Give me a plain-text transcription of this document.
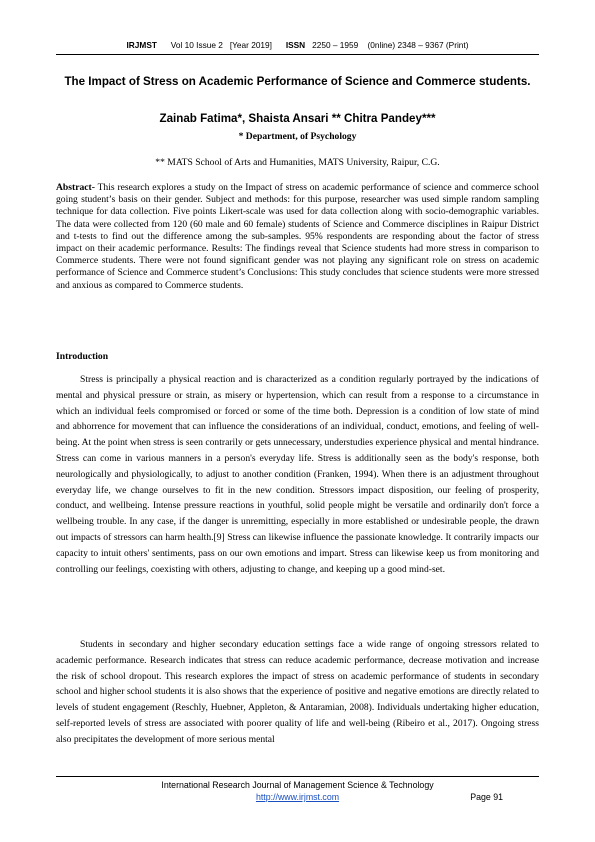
IRJMST Vol 10 Issue 2 [Year 2019] ISSN 2250 – 1959 (0nline) 2348 – 9367 (Print)
The Impact of Stress on Academic Performance of Science and Commerce students.
Zainab Fatima*, Shaista Ansari ** Chitra Pandey***
* Department, of Psychology
** MATS School of Arts and Humanities, MATS University, Raipur, C.G.

Abstract- This research explores a study on the Impact of stress on academic performance of science and commerce school going student’s basis on their gender. Subject and methods: for this purpose, researcher was used simple random sampling technique for data collection. Five points Likert-scale was used for data collection along with socio-demographic variables. The data were collected from 120 (60 male and 60 female) students of Science and Commerce disciplines in Raipur District and t-tests to find out the difference among the sub-samples. 95% respondents are responding about the factor of stress impact on their academic performance. Results: The findings reveal that Science students had more stress in comparison to Commerce students. There were not found significant gender was not playing any significant role on stress on academic performance of Science and Commerce student’s Conclusions: This study concludes that science students were more stressed and anxious as compared to Commerce students.

Introduction

Stress is principally a physical reaction and is characterized as a condition regularly portrayed by the indications of mental and physical pressure or strain, as misery or hypertension, which can result from a response to a circumstance in which an individual feels compromised or forced or some of the time both. Depression is a condition of low state of mind and abhorrence for movement that can influence the considerations of an individual, conduct, emotions, and feeling of well-being. At the point when stress is seen contrarily or gets unnecessary, understudies experience physical and mental hindrance. Stress can come in various manners in a person's everyday life. Stress is additionally seen as the body's response, both neurologically and physiologically, to adjust to another condition (Franken, 1994). When there is an adjustment throughout everyday life, we change ourselves to fit in the new condition. Stressors impact disposition, our feeling of prosperity, conduct, and wellbeing. Intense pressure reactions in youthful, solid people might be versatile and ordinarily don't force a wellbeing trouble. In any case, if the danger is unremitting, especially in more established or undesirable people, the drawn out impacts of stressors can harm health.[9] Stress can likewise influence the passionate knowledge. It contrarily impacts our capacity to intuit others' sentiments, pass on our own emotions and impart. Stress can likewise keep us from monitoring and controlling our feelings, coexisting with others, adjusting to change, and keeping up a good mind-set.

Students in secondary and higher secondary education settings face a wide range of ongoing stressors related to academic performance. Research indicates that stress can reduce academic performance, decrease motivation and increase the risk of school dropout. This research explores the impact of stress on academic performance of students in secondary school and higher school students it is also shows that the experience of positive and negative emotions are directly related to levels of student engagement (Reschly, Huebner, Appleton, & Antaramian, 2008). Individuals undertaking higher education, self-reported levels of stress are associated with poorer quality of life and well-being (Ribeiro et al., 2017). Ongoing stress also precipitates the development of more serious mental

International Research Journal of Management Science & Technology
http://www.irjmst.com	Page 91
